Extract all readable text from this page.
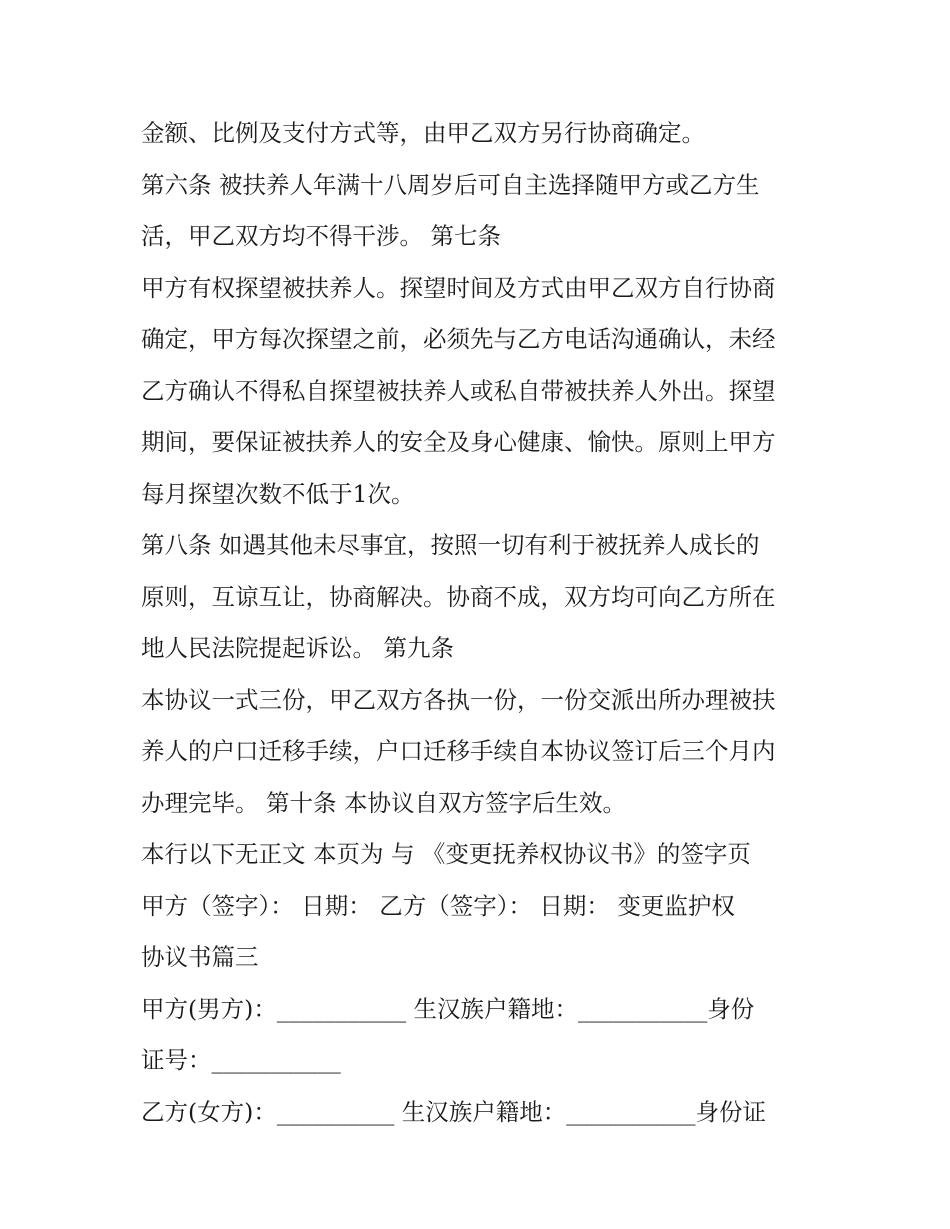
金额、比例及支付方式等，由甲乙双方另行协商确定。
第六条 被扶养人年满十八周岁后可自主选择随甲方或乙方生
活，甲乙双方均不得干涉。 第七条
甲方有权探望被扶养人。探望时间及方式由甲乙双方自行协商
确定，甲方每次探望之前，必须先与乙方电话沟通确认，未经
乙方确认不得私自探望被扶养人或私自带被扶养人外出。探望
期间，要保证被扶养人的安全及身心健康、愉快。原则上甲方
每月探望次数不低于1次。
第八条 如遇其他未尽事宜，按照一切有利于被抚养人成长的
原则，互谅互让，协商解决。协商不成，双方均可向乙方所在
地人民法院提起诉讼。 第九条
本协议一式三份，甲乙双方各执一份，一份交派出所办理被扶
养人的户口迁移手续，户口迁移手续自本协议签订后三个月内
办理完毕。 第十条 本协议自双方签字后生效。
本行以下无正文 本页为 与 《变更抚养权协议书》的签字页
甲方（签字）： 日期： 乙方（签字）： 日期： 变更监护权
协议书篇三
甲方(男方)：___________ 生汉族户籍地：___________身份
证号：___________
乙方(女方)：__________ 生汉族户籍地：___________身份证
